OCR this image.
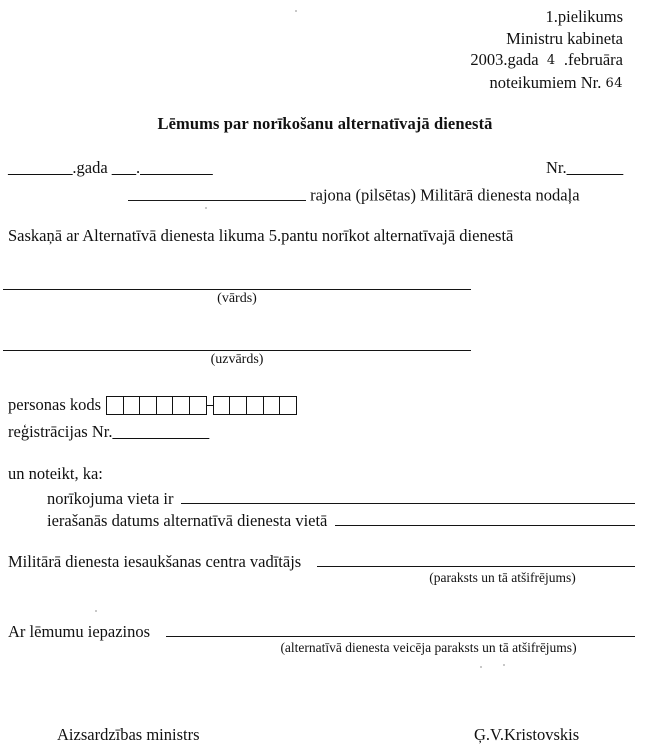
1.pielikums
Ministru kabineta
2003.gada 4 .februāra
noteikumiem Nr. 64
Lēmums par norīkošanu alternatīvajā dienestā
________.gada ___._________	Nr._______
rajona (pilsētas) Militārā dienesta nodaļa
Saskaņā ar Alternatīvā dienesta likuma 5.pantu norīkot alternatīvajā dienestā
(vārds)
(uzvārds)
personas kods
reģistrācijas Nr.____________
un noteikt, ka:
norīkojuma vieta ir
ierašanās datums alternatīvā dienesta vietā
Militārā dienesta iesaukšanas centra vadītājs
(paraksts un tā atšifrējums)
Ar lēmumu iepazinos
(alternatīvā dienesta veicēja paraksts un tā atšifrējums)
Aizsardzības ministrs	Ģ.V.Kristovskis
